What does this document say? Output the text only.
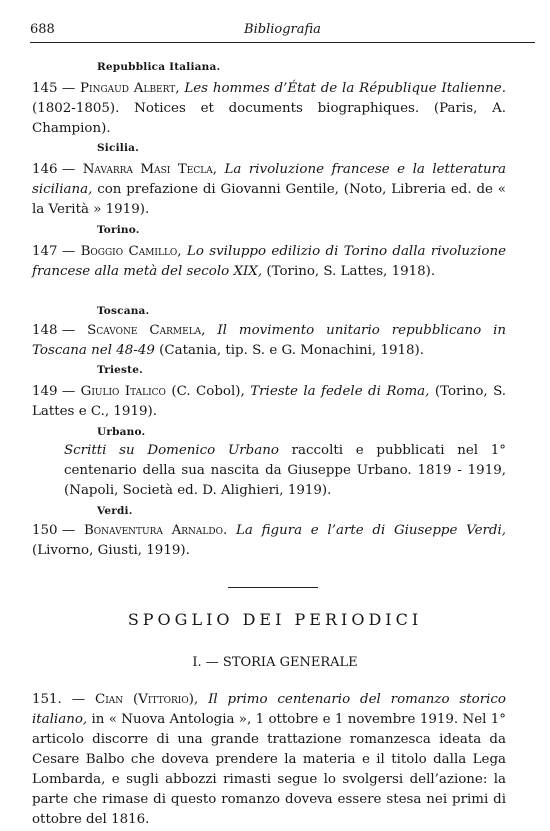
688	Bibliografia
Repubblica Italiana.
145 — Pingaud Albert, Les hommes d’État de la République Italienne. (1802-1805). Notices et documents biographiques. (Paris, A. Champion).
Sicilia.
146 — Navarra Masi Tecla, La rivoluzione francese e la letteratura siciliana, con prefazione di Giovanni Gentile, (Noto, Libreria ed. de « la Verità » 1919).
Torino.
147 — Boggio Camillo, Lo sviluppo edilizio di Torino dalla rivoluzione francese alla metà del secolo XIX, (Torino, S. Lattes, 1918).
Toscana.
148 — Scavone Carmela, Il movimento unitario repubblicano in Toscana nel 48-49 (Catania, tip. S. e G. Monachini, 1918).
Trieste.
149 — Giulio Italico (C. Cobol), Trieste la fedele di Roma, (Torino, S. Lattes e C., 1919).
Urbano.
Scritti su Domenico Urbano raccolti e pubblicati nel 1° centenario della sua nascita da Giuseppe Urbano. 1819 - 1919, (Napoli, Società ed. D. Alighieri, 1919).
Verdi.
150 — Bonaventura Arnaldo. La figura e l’arte di Giuseppe Verdi, (Livorno, Giusti, 1919).
SPOGLIO DEI PERIODICI
I. — STORIA GENERALE
151. — Cian (Vittorio), Il primo centenario del romanzo storico italiano, in « Nuova Antologia », 1 ottobre e 1 novembre 1919. Nel 1° articolo discorre di una grande trattazione romanzesca ideata da Cesare Balbo che doveva prendere la materia e il titolo dalla Lega Lombarda, e sugli abbozzi rimasti segue lo svolgersi dell’azione: la parte che rimase di questo romanzo doveva essere stesa nei primi di ottobre del 1816.
